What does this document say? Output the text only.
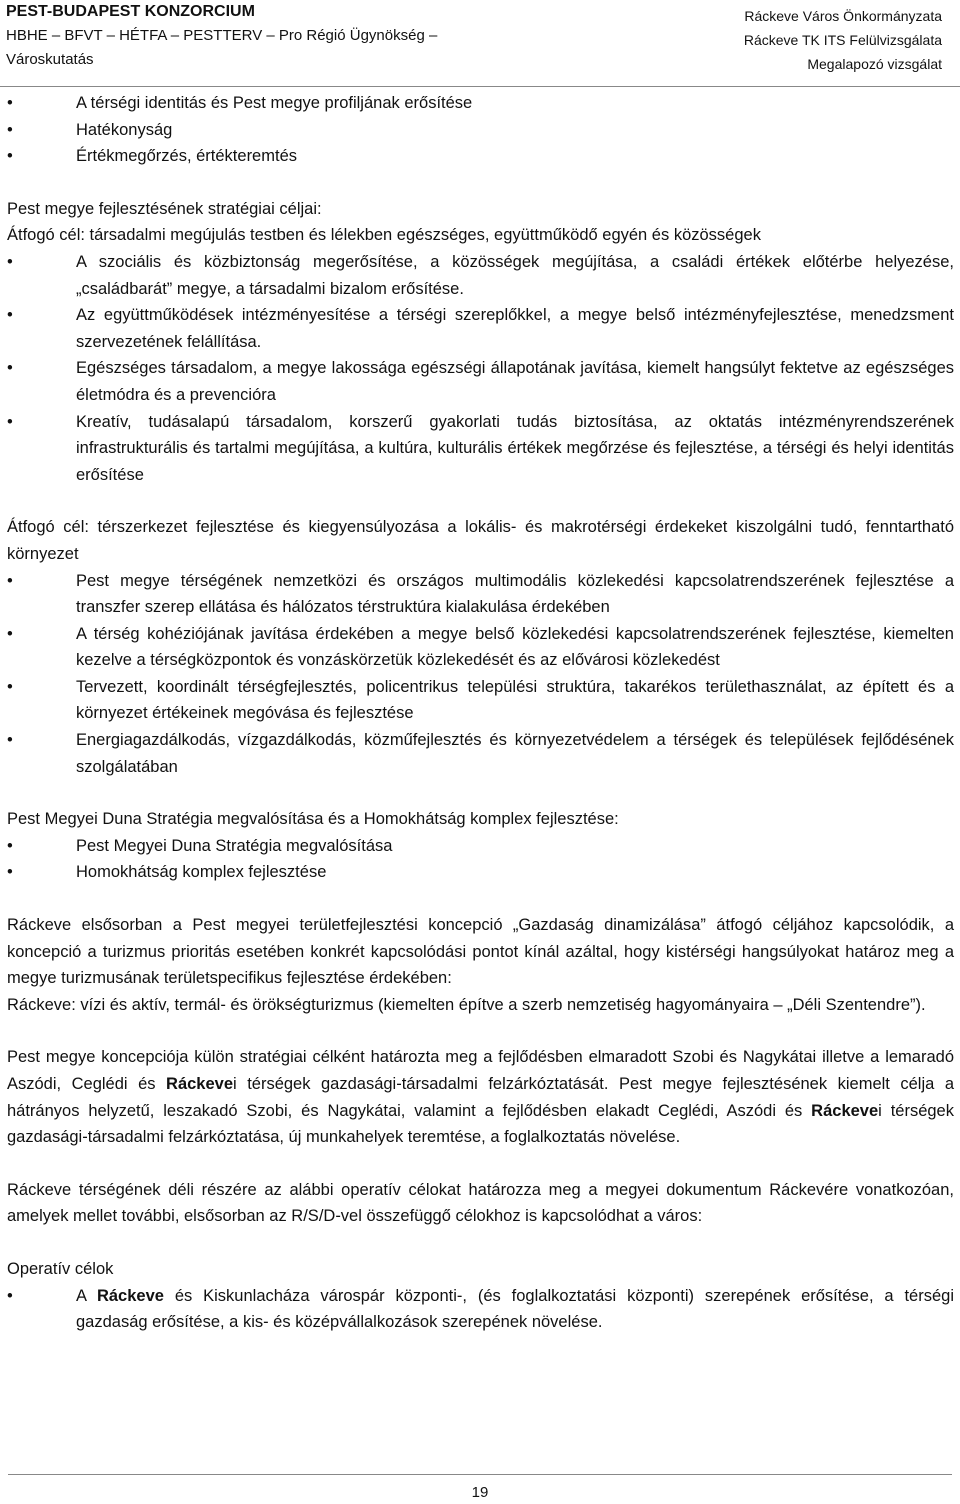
PEST-BUDAPEST KONZORCIUM
HBHE – BFVT – HÉTFA – PESTTERV – Pro Régió Ügynökség –
Városkutatás
Ráckeve Város Önkormányzata
Ráckeve TK ITS Felülvizsgálata
Megalapozó vizsgálat

• A térségi identitás és Pest megye profiljának erősítése

• Hatékonyság

• Értékmegőrzés, értékteremtés

Pest megye fejlesztésének stratégiai céljai:

Átfogó cél: társadalmi megújulás testben és lélekben egészséges, együttműködő egyén és közösségek

• A szociális és közbiztonság megerősítése, a közösségek megújítása, a családi értékek előtérbe helyezése, „családbarát” megye, a társadalmi bizalom erősítése.

• Az együttműködések intézményesítése a térségi szereplőkkel, a megye belső intézményfejlesztése, menedzsment szervezetének felállítása.

• Egészséges társadalom, a megye lakossága egészségi állapotának javítása, kiemelt hangsúlyt fektetve az egészséges életmódra és a prevencióra

• Kreatív, tudásalapú társadalom, korszerű gyakorlati tudás biztosítása, az oktatás intézményrendszerének infrastrukturális és tartalmi megújítása, a kultúra, kulturális értékek megőrzése és fejlesztése, a térségi és helyi identitás erősítése

Átfogó cél: térszerkezet fejlesztése és kiegyensúlyozása a lokális- és makrotérségi érdekeket kiszolgálni tudó, fenntartható környezet

• Pest megye térségének nemzetközi és országos multimodális közlekedési kapcsolatrendszerének fejlesztése a transzfer szerep ellátása és hálózatos térstruktúra kialakulása érdekében

• A térség kohéziójának javítása érdekében a megye belső közlekedési kapcsolatrendszerének fejlesztése, kiemelten kezelve a térségközpontok és vonzáskörzetük közlekedését és az elővárosi közlekedést

• Tervezett, koordinált térségfejlesztés, policentrikus települési struktúra, takarékos területhasználat, az épített és a környezet értékeinek megóvása és fejlesztése

• Energiagazdálkodás, vízgazdálkodás, közműfejlesztés és környezetvédelem a térségek és települések fejlődésének szolgálatában

Pest Megyei Duna Stratégia megvalósítása és a Homokhátság komplex fejlesztése:

• Pest Megyei Duna Stratégia megvalósítása

• Homokhátság komplex fejlesztése

Ráckeve elsősorban a Pest megyei területfejlesztési koncepció „Gazdaság dinamizálása” átfogó céljához kapcsolódik, a koncepció a turizmus prioritás esetében konkrét kapcsolódási pontot kínál azáltal, hogy kistérségi hangsúlyokat határoz meg a megye turizmusának területspecifikus fejlesztése érdekében:

Ráckeve: vízi és aktív, termál- és örökségturizmus (kiemelten építve a szerb nemzetiség hagyományaira – „Déli Szentendre”).

Pest megye koncepciója külön stratégiai célként határozta meg a fejlődésben elmaradott Szobi és Nagykátai illetve a lemaradó Aszódi, Ceglédi és Ráckevei térségek gazdasági-társadalmi felzárkóztatását. Pest megye fejlesztésének kiemelt célja a hátrányos helyzetű, leszakadó Szobi, és Nagykátai, valamint a fejlődésben elakadt Ceglédi, Aszódi és Ráckevei térségek gazdasági-társadalmi felzárkóztatása, új munkahelyek teremtése, a foglalkoztatás növelése.

Ráckeve térségének déli részére az alábbi operatív célokat határozza meg a megyei dokumentum Ráckevére vonatkozóan, amelyek mellet további, elsősorban az R/S/D-vel összefüggő célokhoz is kapcsolódhat a város:

Operatív célok

• A Ráckeve és Kiskunlacháza várospár központi-, (és foglalkoztatási központi) szerepének erősítése, a térségi gazdaság erősítése, a kis- és középvállalkozások szerepének növelése.

19
